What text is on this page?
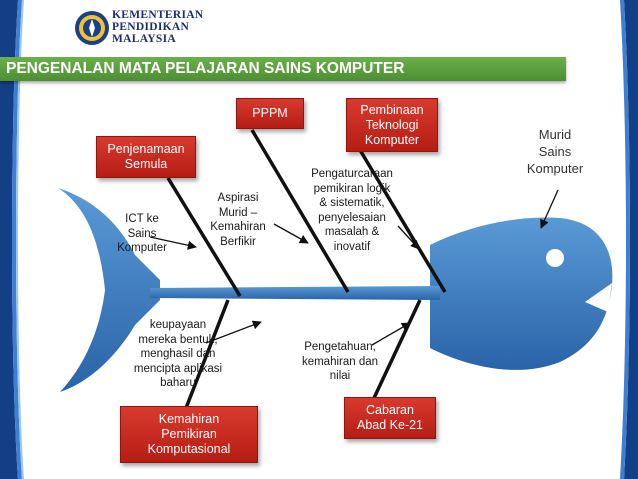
KEMENTERIAN
PENDIDIKAN
MALAYSIA
PENGENALAN MATA PELAJARAN SAINS KOMPUTER
PPPM	Pembinaan
Teknologi
Komputer
Penjenamaan
Semula
Kemahiran
Pemikiran
Komputasional
Cabaran
Abad Ke-21
ICT ke
Sains
Komputer
Aspirasi
Murid –
Kemahiran
Berfikir
Pengaturcaraan
pemikiran logik
& sistematik,
penyelesaian
masalah &
inovatif
keupayaan
mereka bentuk,
menghasil dan
mencipta aplikasi
baharu
Pengetahuan,
kemahiran dan
nilai
Murid
Sains
Komputer
